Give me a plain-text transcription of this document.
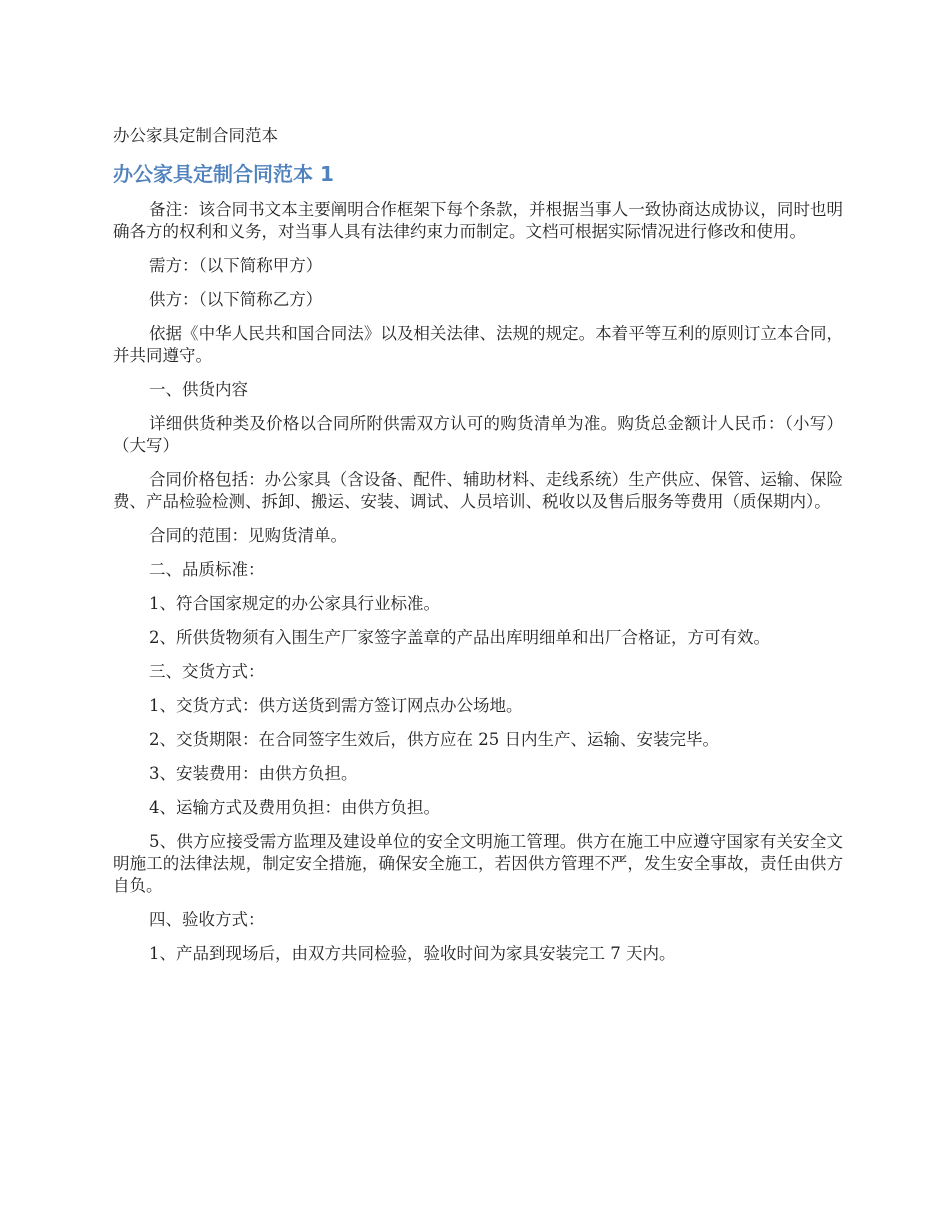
办公家具定制合同范本
办公家具定制合同范本 1

备注：该合同书文本主要阐明合作框架下每个条款，并根据当事人一致协商达成协议，同时也明确各方的权利和义务，对当事人具有法律约束力而制定。文档可根据实际情况进行修改和使用。

需方：（以下简称甲方）

供方：（以下简称乙方）

依据《中华人民共和国合同法》以及相关法律、法规的规定。本着平等互利的原则订立本合同，并共同遵守。

一、供货内容

详细供货种类及价格以合同所附供需双方认可的购货清单为准。购货总金额计人民币：（小写）（大写）

合同价格包括：办公家具（含设备、配件、辅助材料、走线系统）生产供应、保管、运输、保险费、产品检验检测、拆卸、搬运、安装、调试、人员培训、税收以及售后服务等费用（质保期内）。

合同的范围：见购货清单。

二、品质标准：

1、符合国家规定的办公家具行业标准。

2、所供货物须有入围生产厂家签字盖章的产品出库明细单和出厂合格证，方可有效。

三、交货方式：

1、交货方式：供方送货到需方签订网点办公场地。

2、交货期限：在合同签字生效后，供方应在 25 日内生产、运输、安装完毕。

3、安装费用：由供方负担。

4、运输方式及费用负担：由供方负担。

5、供方应接受需方监理及建设单位的安全文明施工管理。供方在施工中应遵守国家有关安全文明施工的法律法规，制定安全措施，确保安全施工，若因供方管理不严，发生安全事故，责任由供方自负。

四、验收方式：

1、产品到现场后，由双方共同检验，验收时间为家具安装完工 7 天内。
